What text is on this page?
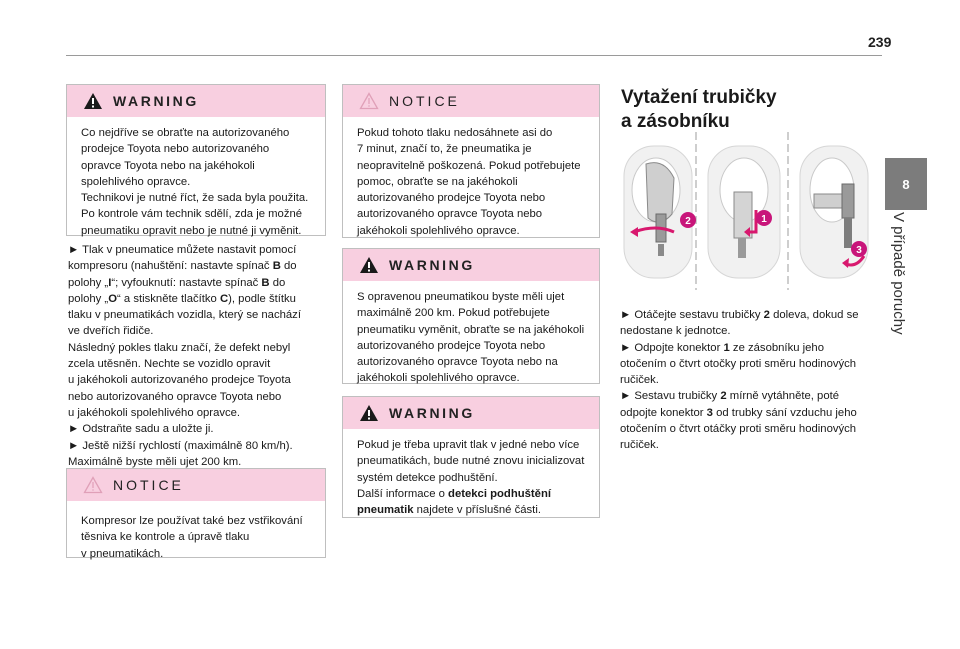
239
8
V případě poruchy
WARNING

Co nejdříve se obraťte na autorizovaného

prodejce Toyota nebo autorizovaného

opravce Toyota nebo na jakéhokoli

spolehlivého opravce.

Technikovi je nutné říct, že sada byla použita.

Po kontrole vám technik sdělí, zda je možné

pneumatiku opravit nebo je nutné ji vyměnit.

► Tlak v pneumatice můžete nastavit pomocí

kompresoru (nahuštění: nastavte spínač B do

polohy „I“; vyfouknutí: nastavte spínač B do

polohy „O“ a stiskněte tlačítko C), podle štítku

tlaku v pneumatikách vozidla, který se nachází

ve dveřích řidiče.

Následný pokles tlaku značí, že defekt nebyl

zcela utěsněn. Nechte se vozidlo opravit

u jakéhokoli autorizovaného prodejce Toyota

nebo autorizovaného opravce Toyota nebo

u jakéhokoli spolehlivého opravce.

► Odstraňte sadu a uložte ji.

► Ještě nižší rychlostí (maximálně 80 km/h).

Maximálně byste měli ujet 200 km.

NOTICE

Kompresor lze používat také bez vstřikování

těsniva ke kontrole a úpravě tlaku

v pneumatikách.

NOTICE

Pokud tohoto tlaku nedosáhnete asi do

7 minut, značí to, že pneumatika je

neopravitelně poškozená. Pokud potřebujete

pomoc, obraťte se na jakéhokoli

autorizovaného prodejce Toyota nebo

autorizovaného opravce Toyota nebo

jakéhokoli spolehlivého opravce.

WARNING

S opravenou pneumatikou byste měli ujet

maximálně 200 km. Pokud potřebujete

pneumatiku vyměnit, obraťte se na jakéhokoli

autorizovaného prodejce Toyota nebo

autorizovaného opravce Toyota nebo na

jakéhokoli spolehlivého opravce.

WARNING

Pokud je třeba upravit tlak v jedné nebo více

pneumatikách, bude nutné znovu inicializovat

systém detekce podhuštění.

Další informace o detekci podhuštění

pneumatik najdete v příslušné části.

Vytažení trubičky
a zásobníku
2	1
3

► Otáčejte sestavu trubičky 2 doleva, dokud se

nedostane k jednotce.

► Odpojte konektor 1 ze zásobníku jeho

otočením o čtvrt otočky proti směru hodinových

ručiček.

► Sestavu trubičky 2 mírně vytáhněte, poté

odpojte konektor 3 od trubky sání vzduchu jeho

otočením o čtvrt otáčky proti směru hodinových

ručiček.
